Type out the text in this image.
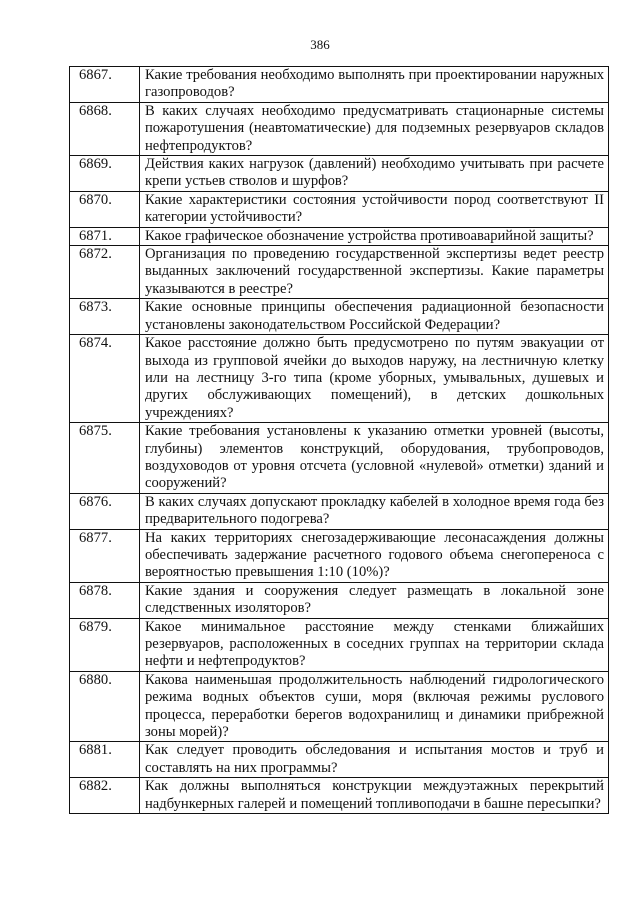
386
6867.	Какие требования необходимо выполнять при проектировании наружных газопроводов?
6868.	В каких случаях необходимо предусматривать стационарные системы пожаротушения (неавтоматические) для подземных резервуаров складов нефтепродуктов?
6869.	Действия каких нагрузок (давлений) необходимо учитывать при расчете крепи устьев стволов и шурфов?
6870.	Какие характеристики состояния устойчивости пород соответствуют II категории устойчивости?
6871.	Какое графическое обозначение устройства противоаварийной защиты?
6872.	Организация по проведению государственной экспертизы ведет реестр выданных заключений государственной экспертизы. Какие параметры указываются в реестре?
6873.	Какие основные принципы обеспечения радиационной безопасности установлены законодательством Российской Федерации?
6874.	Какое расстояние должно быть предусмотрено по путям эвакуации от выхода из групповой ячейки до выходов наружу, на лестничную клетку или на лестницу 3-го типа (кроме уборных, умывальных, душевых и других обслуживающих помещений), в детских дошкольных учреждениях?
6875.	Какие требования установлены к указанию отметки уровней (высоты, глубины) элементов конструкций, оборудования, трубопроводов, воздуховодов от уровня отсчета (условной «нулевой» отметки) зданий и сооружений?
6876.	В каких случаях допускают прокладку кабелей в холодное время года без предварительного подогрева?
6877.	На каких территориях снегозадерживающие лесонасаждения должны обеспечивать задержание расчетного годового объема снегопереноса с вероятностью превышения 1:10 (10%)?
6878.	Какие здания и сооружения следует размещать в локальной зоне следственных изоляторов?
6879.	Какое минимальное расстояние между стенками ближайших резервуаров, расположенных в соседних группах на территории склада нефти и нефтепродуктов?
6880.	Какова наименьшая продолжительность наблюдений гидрологического режима водных объектов суши, моря (включая режимы руслового процесса, переработки берегов водохранилищ и динамики прибрежной зоны морей)?
6881.	Как следует проводить обследования и испытания мостов и труб и составлять на них программы?
6882.	Как должны выполняться конструкции междуэтажных перекрытий надбункерных галерей и помещений топливоподачи в башне пересыпки?
